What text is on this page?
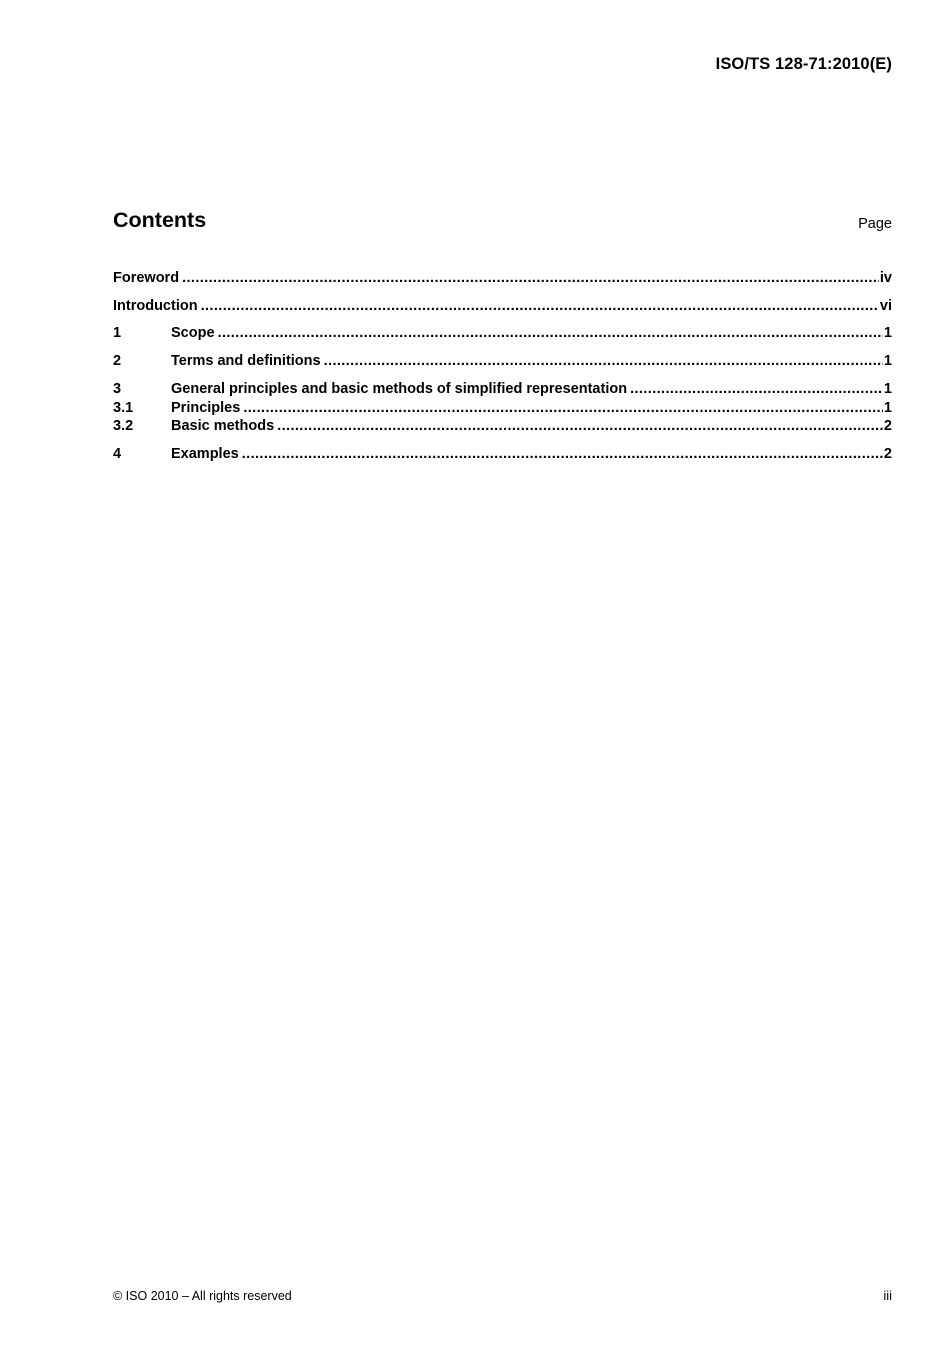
ISO/TS 128-71:2010(E)
Contents	Page
Foreword .....	iv
Introduction .....	vi
1	Scope .....	1
2	Terms and definitions .....	1
3	General principles and basic methods of simplified representation .....	1
3.1	Principles .....	1
3.2	Basic methods .....	2
4	Examples .....	2
© ISO 2010 – All rights reserved	iii
